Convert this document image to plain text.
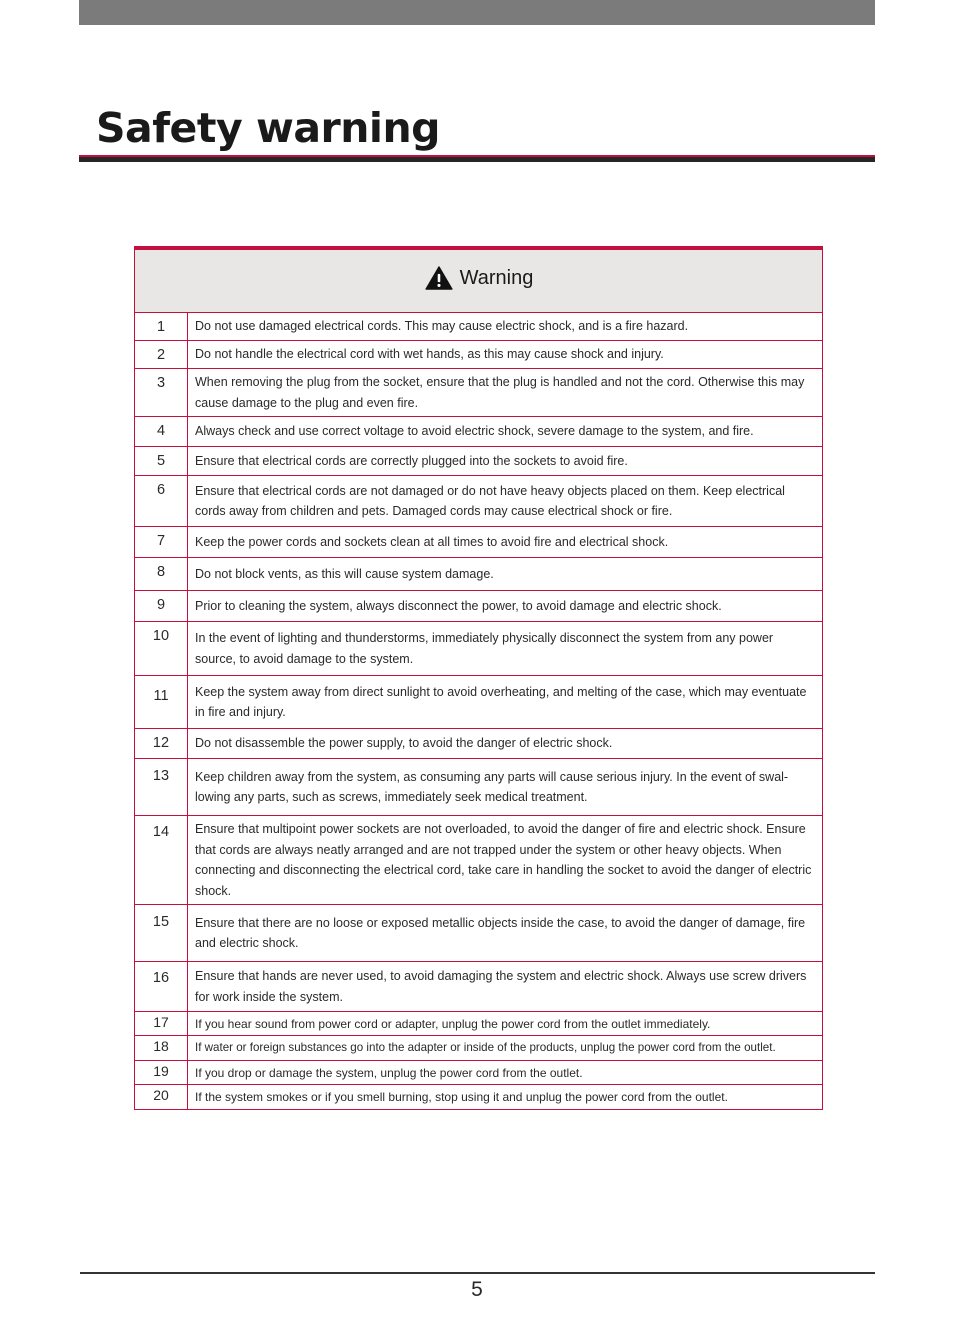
Safety warning
Warning	

1	Do not use damaged electrical cords. This may cause electric shock, and is a fire hazard.
2	Do not handle the electrical cord with wet hands, as this may cause shock and injury.
3	When removing the plug from the socket, ensure that the plug is handled and not the cord. Otherwise this may cause damage to the plug and even fire.
4	Always check and use correct voltage to avoid electric shock, severe damage to the system, and fire.
5	Ensure that electrical cords are correctly plugged into the sockets to avoid fire.
6	Ensure that electrical cords are not damaged or do not have heavy objects placed on them. Keep electrical cords away from children and pets. Damaged cords may cause electrical shock or fire.
7	Keep the power cords and sockets clean at all times to avoid fire and electrical shock.
8	Do not block vents, as this will cause system damage.
9	Prior to cleaning the system, always disconnect the power, to avoid damage and electric shock.
10	In the event of lighting and thunderstorms, immediately physically disconnect the system from any power source, to avoid damage to the system.
11	Keep the system away from direct sunlight to avoid overheating, and melting of the case, which may eventuate in fire and injury.
12	Do not disassemble the power supply, to avoid the danger of electric shock.
13	Keep children away from the system, as consuming any parts will cause serious injury. In the event of swal-lowing any parts, such as screws, immediately seek medical treatment.
14	Ensure that multipoint power sockets are not overloaded, to avoid the danger of fire and electric shock. Ensure that cords are always neatly arranged and are not trapped under the system or other heavy objects. When connecting and disconnecting the electrical cord, take care in handling the socket to avoid the danger of electric shock.
15	Ensure that there are no loose or exposed metallic objects inside the case, to avoid the danger of damage, fire and electric shock.
16	Ensure that hands are never used, to avoid damaging the system and electric shock. Always use screw drivers for work inside the system.
17	If you hear sound from power cord or adapter, unplug the power cord from the outlet immediately.
18	If water or foreign substances go into the adapter or inside of the products, unplug the power cord from the outlet.
19	If you drop or damage the system, unplug the power cord from the outlet.
20	If the system smokes or if you smell burning, stop using it and unplug the power cord from the outlet.
5
